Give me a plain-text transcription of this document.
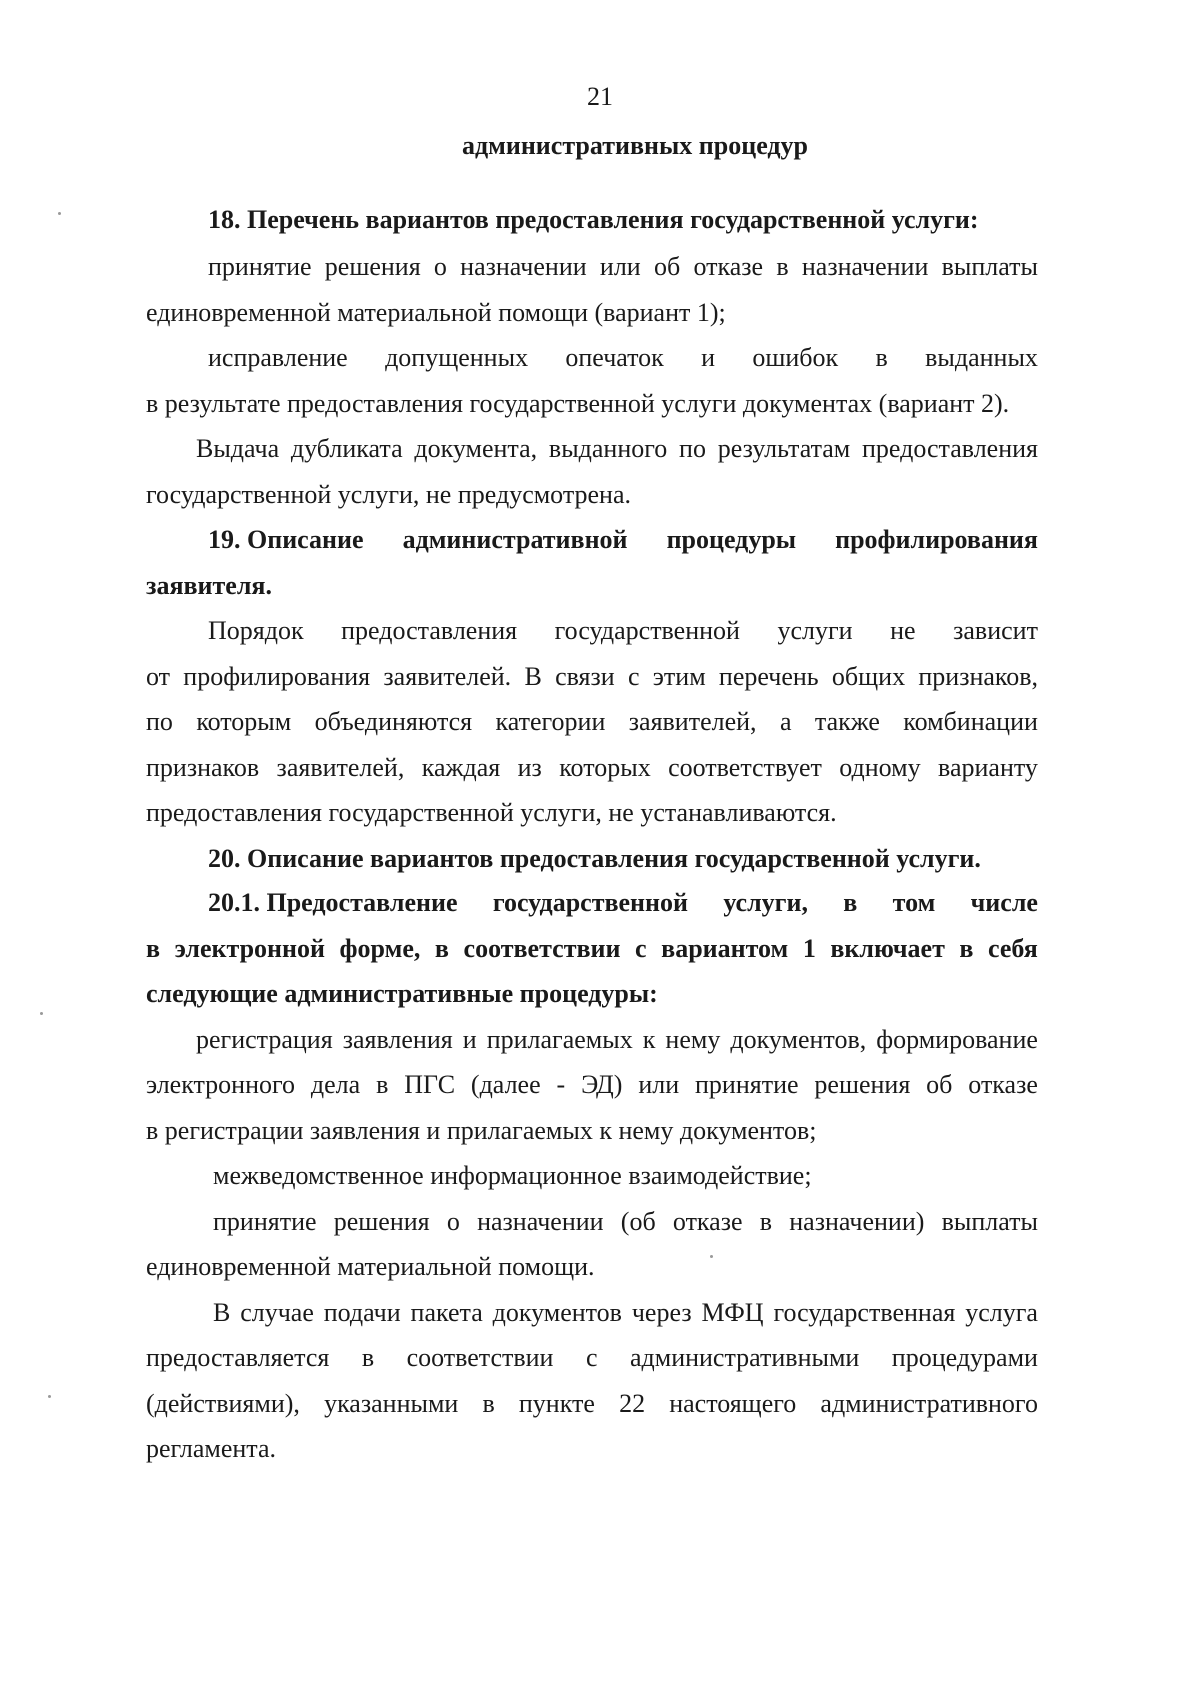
21
административных процедур
18. Перечень вариантов предоставления государственной услуги:
принятие решения о назначении или об отказе в назначении выплаты
единовременной материальной помощи (вариант 1);
исправление допущенных опечаток и ошибок в выданных
в результате предоставления государственной услуги документах (вариант 2).
Выдача дубликата документа, выданного по результатам предоставления
государственной услуги, не предусмотрена.
19. Описание административной процедуры профилирования
заявителя.
Порядок предоставления государственной услуги не зависит
от профилирования заявителей. В связи с этим перечень общих признаков,
по которым объединяются категории заявителей, а также комбинации
признаков заявителей, каждая из которых соответствует одному варианту
предоставления государственной услуги, не устанавливаются.
20. Описание вариантов предоставления государственной услуги.
20.1. Предоставление государственной услуги, в том числе
в электронной форме, в соответствии с вариантом 1 включает в себя
следующие административные процедуры:
регистрация заявления и прилагаемых к нему документов, формирование
электронного дела в ПГС (далее - ЭД) или принятие решения об отказе
в регистрации заявления и прилагаемых к нему документов;
межведомственное информационное взаимодействие;
принятие решения о назначении (об отказе в назначении) выплаты
единовременной материальной помощи.
В случае подачи пакета документов через МФЦ государственная услуга
предоставляется в соответствии с административными процедурами
(действиями), указанными в пункте 22 настоящего административного
регламента.
